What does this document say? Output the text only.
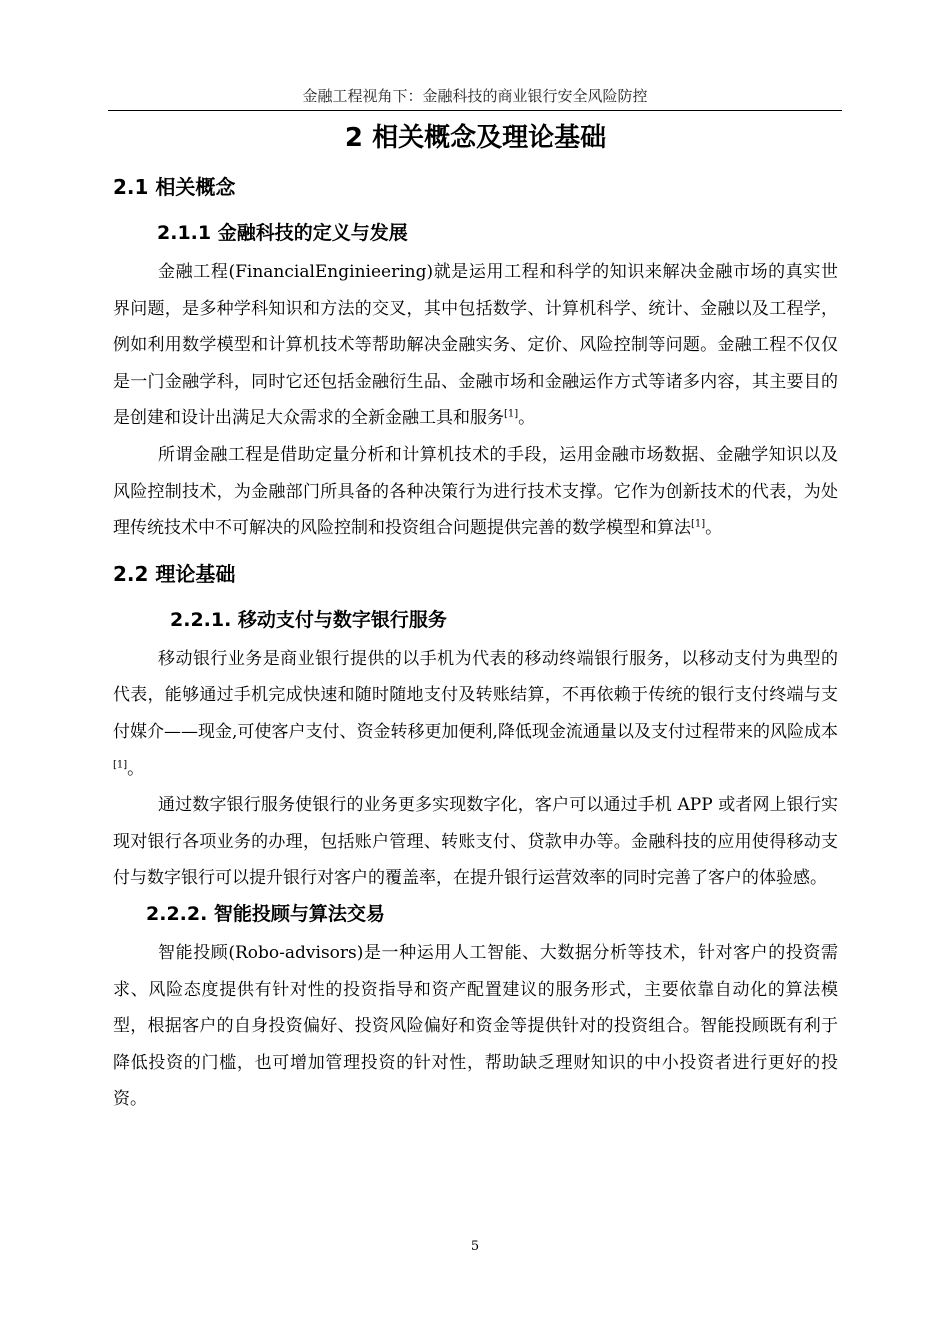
金融工程视角下：金融科技的商业银行安全风险防控
2 相关概念及理论基础
2.1 相关概念
2.1.1 金融科技的定义与发展

金融工程(FinancialEnginieering)就是运用工程和科学的知识来解决金融市场的真实世界问题，是多种学科知识和方法的交叉，其中包括数学、计算机科学、统计、金融以及工程学，例如利用数学模型和计算机技术等帮助解决金融实务、定价、风险控制等问题。金融工程不仅仅是一门金融学科，同时它还包括金融衍生品、金融市场和金融运作方式等诸多内容，其主要目的是创建和设计出满足大众需求的全新金融工具和服务[1]。

所谓金融工程是借助定量分析和计算机技术的手段，运用金融市场数据、金融学知识以及风险控制技术，为金融部门所具备的各种决策行为进行技术支撑。它作为创新技术的代表，为处理传统技术中不可解决的风险控制和投资组合问题提供完善的数学模型和算法[1]。

2.2 理论基础
2.2.1. 移动支付与数字银行服务

移动银行业务是商业银行提供的以手机为代表的移动终端银行服务，以移动支付为典型的代表，能够通过手机完成快速和随时随地支付及转账结算，不再依赖于传统的银行支付终端与支付媒介——现金,可使客户支付、资金转移更加便利,降低现金流通量以及支付过程带来的风险成本[1]。

通过数字银行服务使银行的业务更多实现数字化，客户可以通过手机 APP 或者网上银行实现对银行各项业务的办理，包括账户管理、转账支付、贷款申办等。金融科技的应用使得移动支付与数字银行可以提升银行对客户的覆盖率，在提升银行运营效率的同时完善了客户的体验感。

2.2.2. 智能投顾与算法交易

智能投顾(Robo-advisors)是一种运用人工智能、大数据分析等技术，针对客户的投资需求、风险态度提供有针对性的投资指导和资产配置建议的服务形式，主要依靠自动化的算法模型，根据客户的自身投资偏好、投资风险偏好和资金等提供针对的投资组合。智能投顾既有利于降低投资的门槛，也可增加管理投资的针对性，帮助缺乏理财知识的中小投资者进行更好的投资。

5
